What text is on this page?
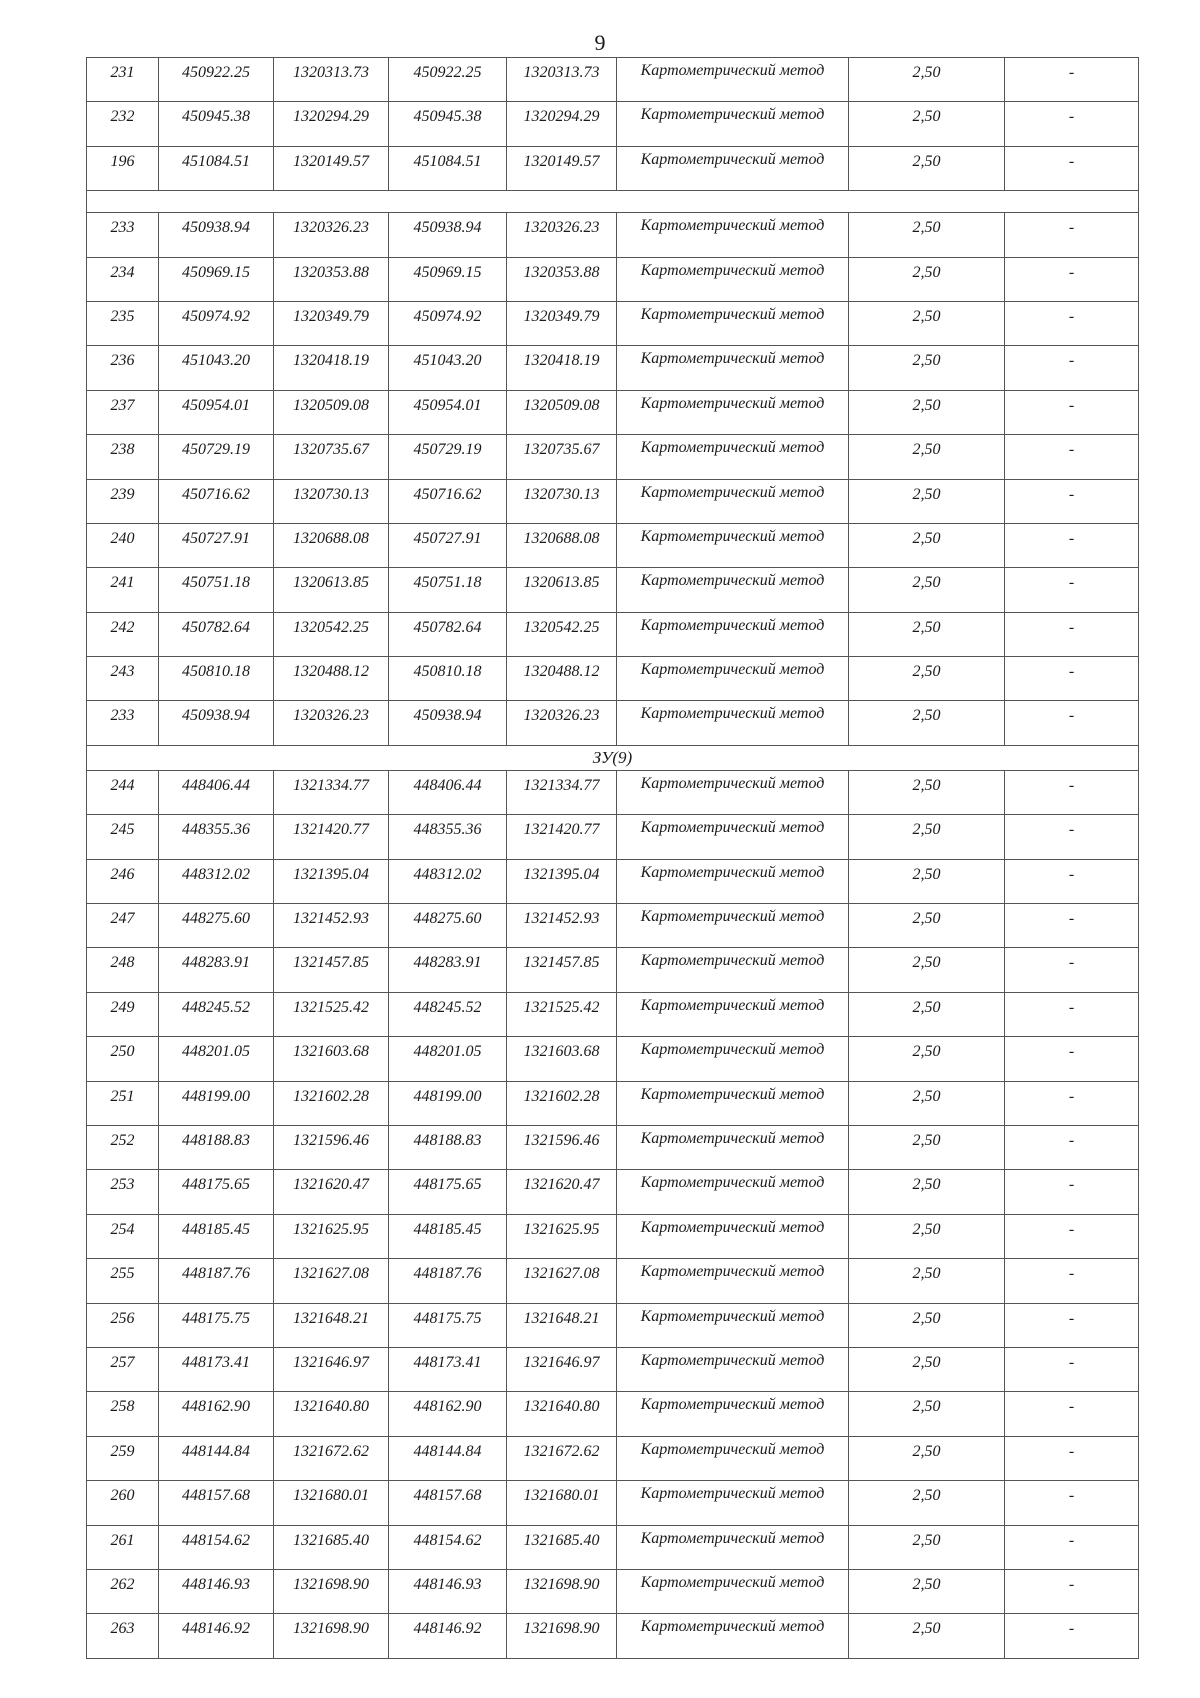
9
231	450922.25	1320313.73	450922.25	1320313.73	Картометрический метод	2,50	-
232	450945.38	1320294.29	450945.38	1320294.29	Картометрический метод	2,50	-
196	451084.51	1320149.57	451084.51	1320149.57	Картометрический метод	2,50	-

233	450938.94	1320326.23	450938.94	1320326.23	Картометрический метод	2,50	-
234	450969.15	1320353.88	450969.15	1320353.88	Картометрический метод	2,50	-
235	450974.92	1320349.79	450974.92	1320349.79	Картометрический метод	2,50	-
236	451043.20	1320418.19	451043.20	1320418.19	Картометрический метод	2,50	-
237	450954.01	1320509.08	450954.01	1320509.08	Картометрический метод	2,50	-
238	450729.19	1320735.67	450729.19	1320735.67	Картометрический метод	2,50	-
239	450716.62	1320730.13	450716.62	1320730.13	Картометрический метод	2,50	-
240	450727.91	1320688.08	450727.91	1320688.08	Картометрический метод	2,50	-
241	450751.18	1320613.85	450751.18	1320613.85	Картометрический метод	2,50	-
242	450782.64	1320542.25	450782.64	1320542.25	Картометрический метод	2,50	-
243	450810.18	1320488.12	450810.18	1320488.12	Картометрический метод	2,50	-
233	450938.94	1320326.23	450938.94	1320326.23	Картометрический метод	2,50	-
ЗУ(9)							
244	448406.44	1321334.77	448406.44	1321334.77	Картометрический метод	2,50	-
245	448355.36	1321420.77	448355.36	1321420.77	Картометрический метод	2,50	-
246	448312.02	1321395.04	448312.02	1321395.04	Картометрический метод	2,50	-
247	448275.60	1321452.93	448275.60	1321452.93	Картометрический метод	2,50	-
248	448283.91	1321457.85	448283.91	1321457.85	Картометрический метод	2,50	-
249	448245.52	1321525.42	448245.52	1321525.42	Картометрический метод	2,50	-
250	448201.05	1321603.68	448201.05	1321603.68	Картометрический метод	2,50	-
251	448199.00	1321602.28	448199.00	1321602.28	Картометрический метод	2,50	-
252	448188.83	1321596.46	448188.83	1321596.46	Картометрический метод	2,50	-
253	448175.65	1321620.47	448175.65	1321620.47	Картометрический метод	2,50	-
254	448185.45	1321625.95	448185.45	1321625.95	Картометрический метод	2,50	-
255	448187.76	1321627.08	448187.76	1321627.08	Картометрический метод	2,50	-
256	448175.75	1321648.21	448175.75	1321648.21	Картометрический метод	2,50	-
257	448173.41	1321646.97	448173.41	1321646.97	Картометрический метод	2,50	-
258	448162.90	1321640.80	448162.90	1321640.80	Картометрический метод	2,50	-
259	448144.84	1321672.62	448144.84	1321672.62	Картометрический метод	2,50	-
260	448157.68	1321680.01	448157.68	1321680.01	Картометрический метод	2,50	-
261	448154.62	1321685.40	448154.62	1321685.40	Картометрический метод	2,50	-
262	448146.93	1321698.90	448146.93	1321698.90	Картометрический метод	2,50	-
263	448146.92	1321698.90	448146.92	1321698.90	Картометрический метод	2,50	-
